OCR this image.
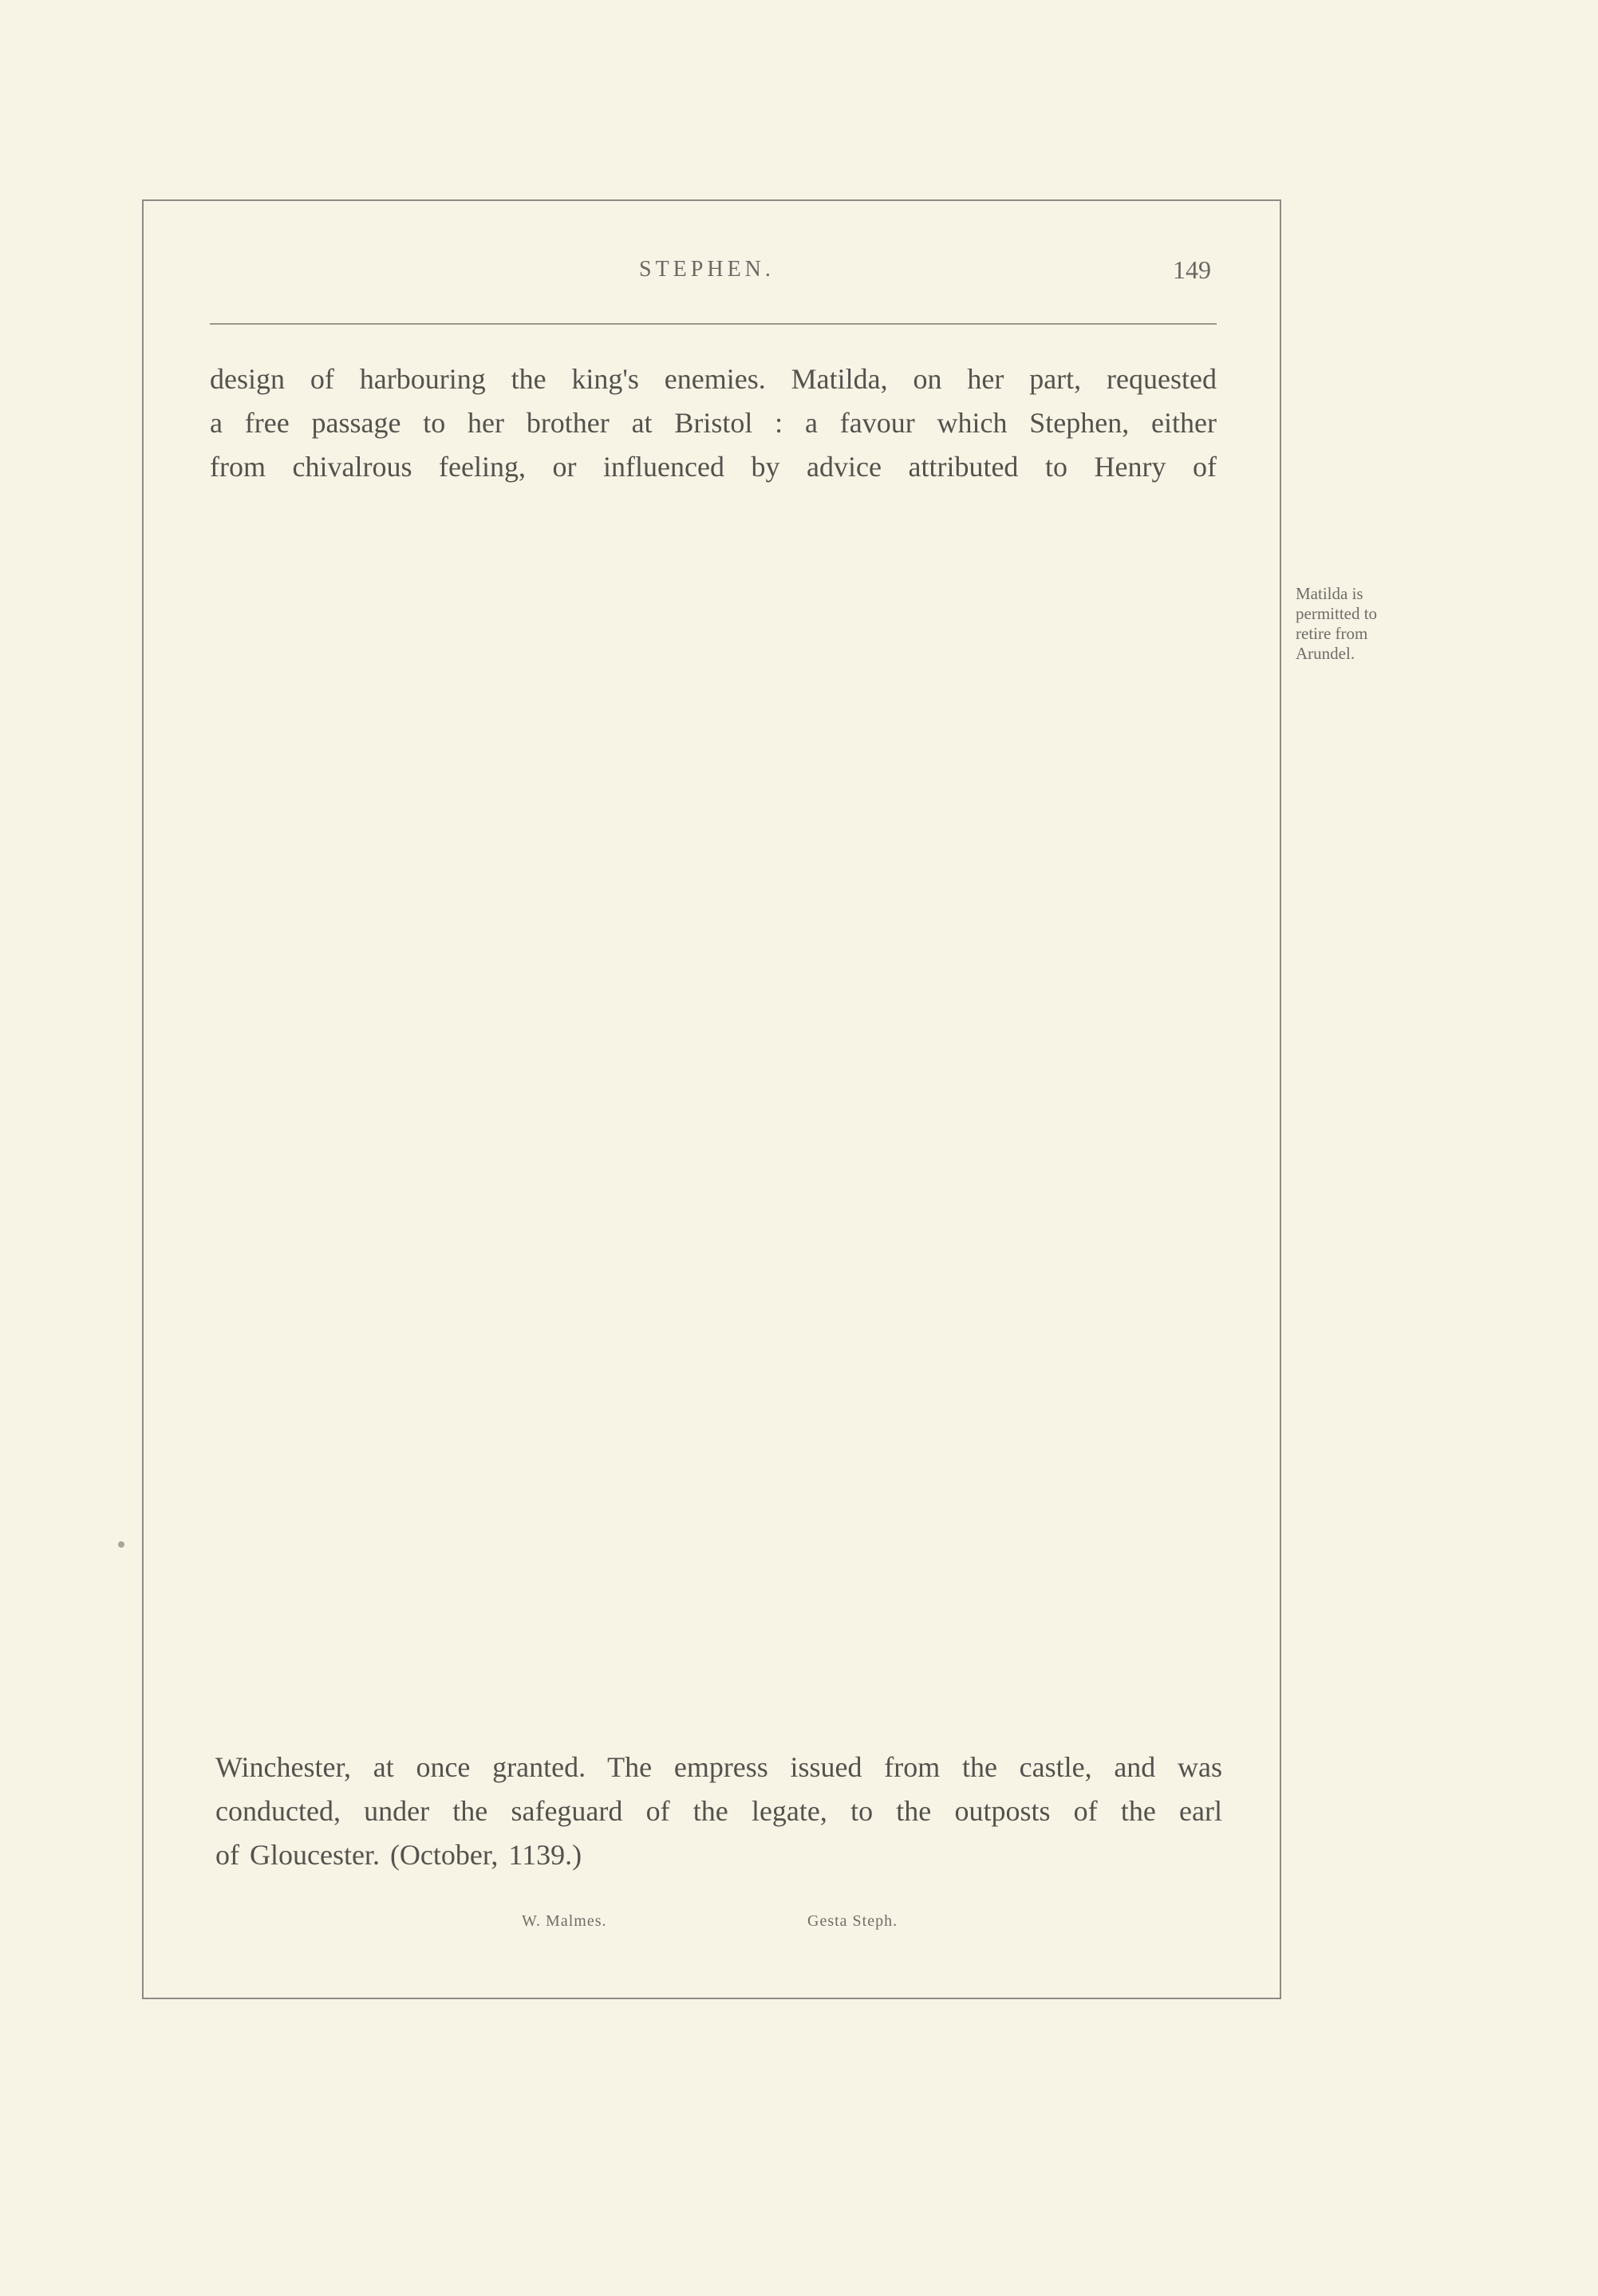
STEPHEN.	149
design of harbouring the king's enemies. Matilda, on her part, requested
a free passage to her brother at Bristol : a favour which Stephen, either
from chivalrous feeling, or influenced by advice attributed to Henry of
Matilda is
permitted to
retire from
Arundel.
Winchester, at once granted. The empress issued from the castle, and was
conducted, under the safeguard of the legate, to the outposts of the earl
of Gloucester. (October, 1139.)
W. Malmes.	Gesta Steph.
